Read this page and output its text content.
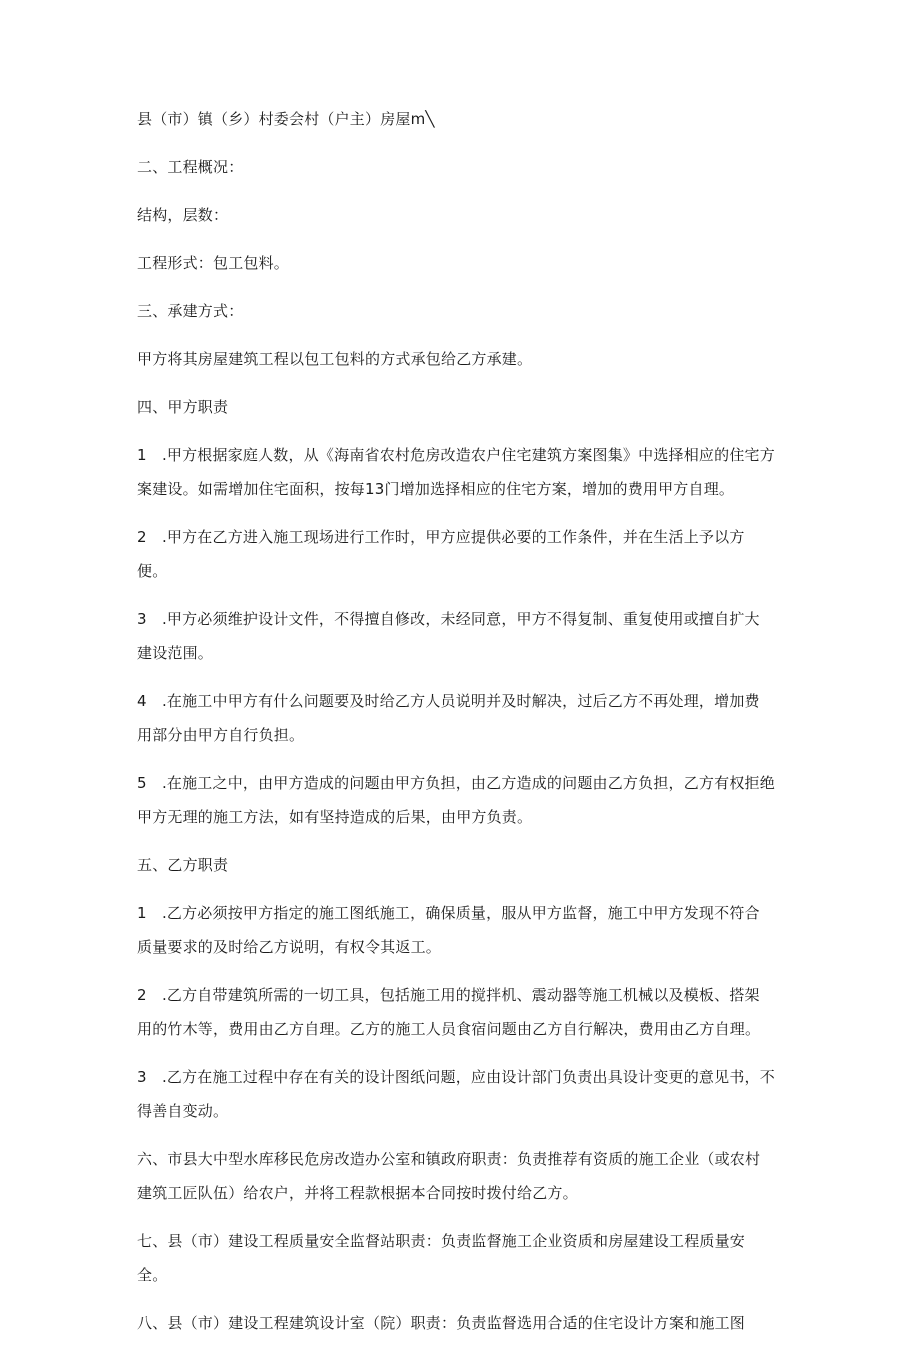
县（市）镇（乡）村委会村（户主）房屋m╲

二、工程概况：

结构，层数：

工程形式：包工包料。

三、承建方式：

甲方将其房屋建筑工程以包工包料的方式承包给乙方承建。

四、甲方职责

1　.甲方根据家庭人数，从《海南省农村危房改造农户住宅建筑方案图集》中选择相应的住宅方
案建设。如需增加住宅面积，按每13门增加选择相应的住宅方案，增加的费用甲方自理。

2　.甲方在乙方进入施工现场进行工作时，甲方应提供必要的工作条件，并在生活上予以方
便。

3　.甲方必须维护设计文件，不得擅自修改，未经同意，甲方不得复制、重复使用或擅自扩大
建设范围。

4　.在施工中甲方有什么问题要及时给乙方人员说明并及时解决，过后乙方不再处理，增加费
用部分由甲方自行负担。

5　.在施工之中，由甲方造成的问题由甲方负担，由乙方造成的问题由乙方负担，乙方有权拒绝
甲方无理的施工方法，如有坚持造成的后果，由甲方负责。

五、乙方职责

1　.乙方必须按甲方指定的施工图纸施工，确保质量，服从甲方监督，施工中甲方发现不符合
质量要求的及时给乙方说明，有权令其返工。

2　.乙方自带建筑所需的一切工具，包括施工用的搅拌机、震动器等施工机械以及模板、搭架
用的竹木等，费用由乙方自理。乙方的施工人员食宿问题由乙方自行解决，费用由乙方自理。

3　.乙方在施工过程中存在有关的设计图纸问题，应由设计部门负责出具设计变更的意见书，不
得善自变动。

六、市县大中型水库移民危房改造办公室和镇政府职责：负责推荐有资质的施工企业（或农村
建筑工匠队伍）给农户，并将工程款根据本合同按时拨付给乙方。

七、县（市）建设工程质量安全监督站职责：负责监督施工企业资质和房屋建设工程质量安
全。

八、县（市）建设工程建筑设计室（院）职责：负责监督选用合适的住宅设计方案和施工图
